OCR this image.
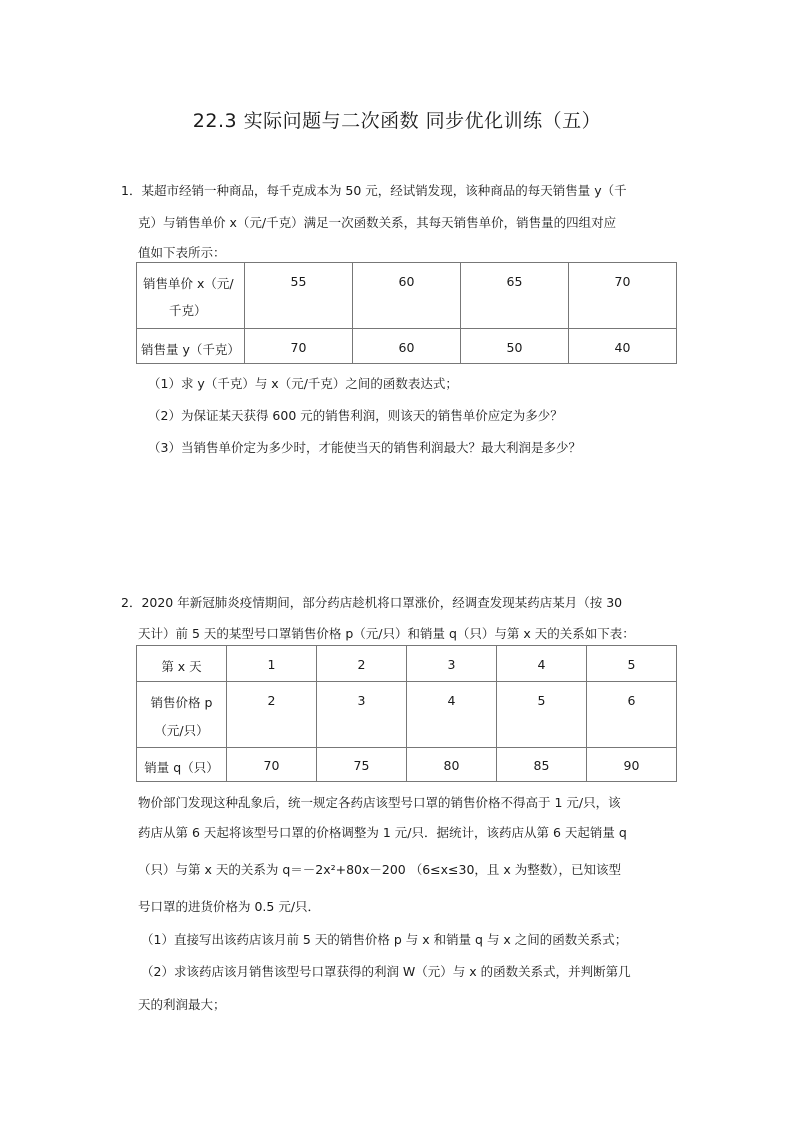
22.3 实际问题与二次函数 同步优化训练（五）
1．某超市经销一种商品，每千克成本为 50 元，经试销发现，该种商品的每天销售量 y（千
克）与销售单价 x（元/千克）满足一次函数关系，其每天销售单价，销售量的四组对应
值如下表所示：
销售单价 x（元/
千克）	55	60	65	70

销售量 y（千克）	70	60	50	40
（1）求 y（千克）与 x（元/千克）之间的函数表达式；
（2）为保证某天获得 600 元的销售利润，则该天的销售单价应定为多少？
（3）当销售单价定为多少时，才能使当天的销售利润最大？最大利润是多少？
2．2020 年新冠肺炎疫情期间，部分药店趁机将口罩涨价，经调查发现某药店某月（按 30
天计）前 5 天的某型号口罩销售价格 p（元/只）和销量 q（只）与第 x 天的关系如下表：
第 x 天	1	2	3	4	5

销售价格 p
（元/只）	2	3	4	5	6

销量 q（只）	70	75	80	85	90
物价部门发现这种乱象后，统一规定各药店该型号口罩的销售价格不得高于 1 元/只，该
药店从第 6 天起将该型号口罩的价格调整为 1 元/只．据统计，该药店从第 6 天起销量 q
（只）与第 x 天的关系为 q＝－2x²+80x－200 （6≤x≤30，且 x 为整数），已知该型
号口罩的进货价格为 0.5 元/只．
（1）直接写出该药店该月前 5 天的销售价格 p 与 x 和销量 q 与 x 之间的函数关系式；
（2）求该药店该月销售该型号口罩获得的利润 W（元）与 x 的函数关系式，并判断第几
天的利润最大；
